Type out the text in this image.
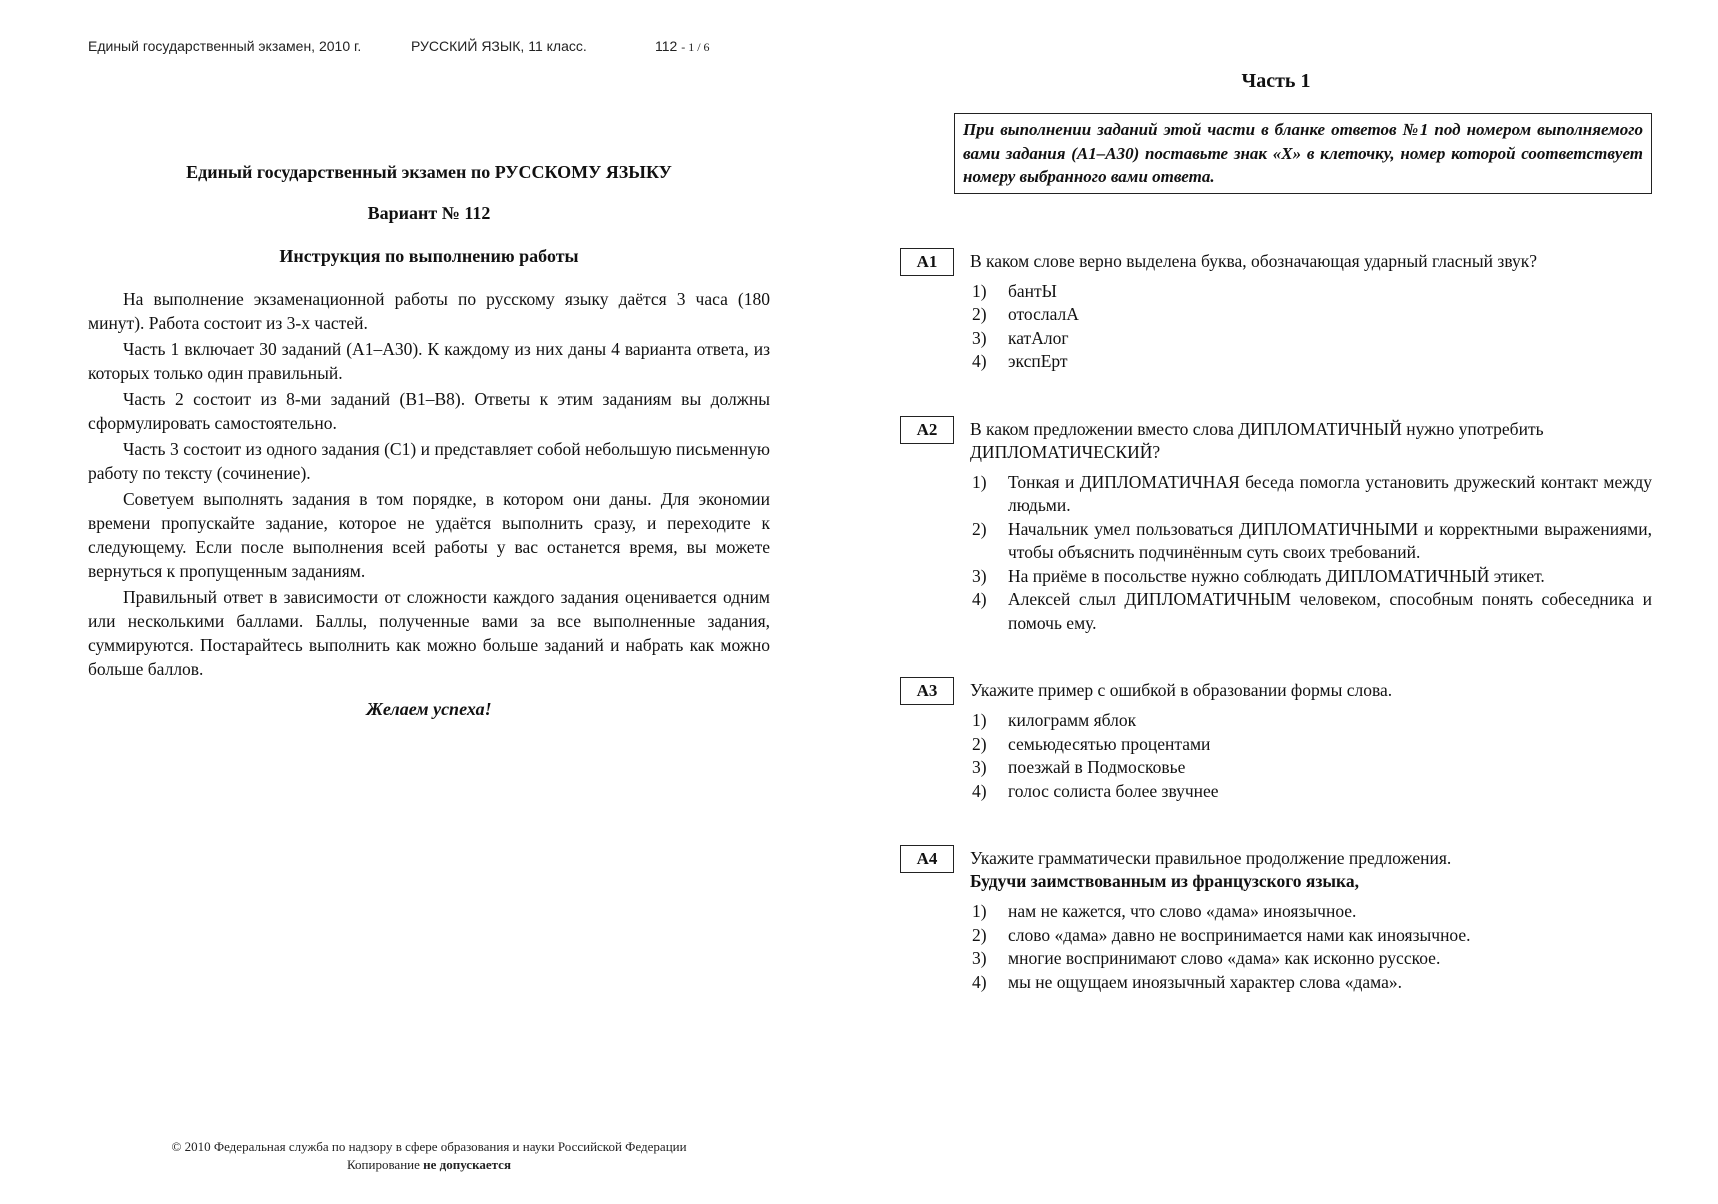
Единый государственный экзамен, 2010 г.	РУССКИЙ ЯЗЫК, 11 класс.	112 - 1 / 6
Единый государственный экзамен по РУССКОМУ ЯЗЫКУ
Вариант № 112
Инструкция по выполнению работы

На выполнение экзаменационной работы по русскому языку даётся 3 часа (180 минут). Работа состоит из 3-х частей.

Часть 1 включает 30 заданий (А1–А30). К каждому из них даны 4 варианта ответа, из которых только один правильный.

Часть 2 состоит из 8-ми заданий (В1–В8). Ответы к этим заданиям вы должны сформулировать самостоятельно.

Часть 3 состоит из одного задания (С1) и представляет собой небольшую письменную работу по тексту (сочинение).

Советуем выполнять задания в том порядке, в котором они даны. Для экономии времени пропускайте задание, которое не удаётся выполнить сразу, и переходите к следующему. Если после выполнения всей работы у вас останется время, вы можете вернуться к пропущенным заданиям.

Правильный ответ в зависимости от сложности каждого задания оценивается одним или несколькими баллами. Баллы, полученные вами за все выполненные задания, суммируются. Постарайтесь выполнить как можно больше заданий и набрать как можно больше баллов.

Желаем успеха!
© 2010 Федеральная служба по надзору в сфере образования и науки Российской Федерации
Копирование не допускается
Часть 1
При выполнении заданий этой части в бланке ответов №1 под номером выполняемого вами задания (А1–А30) поставьте знак «Х» в клеточку, номер которой соответствует номеру выбранного вами ответа.
А1	В каком слове верно выделена буква, обозначающая ударный гласный звук?
1) бантЫ
2) отослалА
3) катАлог
4) экспЕрт
А2	В каком предложении вместо слова ДИПЛОМАТИЧНЫЙ нужно употребить ДИПЛОМАТИЧЕСКИЙ?
1) Тонкая и ДИПЛОМАТИЧНАЯ беседа помогла установить дружеский контакт между людьми.
2) Начальник умел пользоваться ДИПЛОМАТИЧНЫМИ и корректными выражениями, чтобы объяснить подчинённым суть своих требований.
3) На приёме в посольстве нужно соблюдать ДИПЛОМАТИЧНЫЙ этикет.
4) Алексей слыл ДИПЛОМАТИЧНЫМ человеком, способным понять собеседника и помочь ему.
А3	Укажите пример с ошибкой в образовании формы слова.
1) килограмм яблок
2) семьюдесятью процентами
3) поезжай в Подмосковье
4) голос солиста более звучнее
А4	Укажите грамматически правильное продолжение предложения.
Будучи заимствованным из французского языка,
1) нам не кажется, что слово «дама» иноязычное.
2) слово «дама» давно не воспринимается нами как иноязычное.
3) многие воспринимают слово «дама» как исконно русское.
4) мы не ощущаем иноязычный характер слова «дама».
